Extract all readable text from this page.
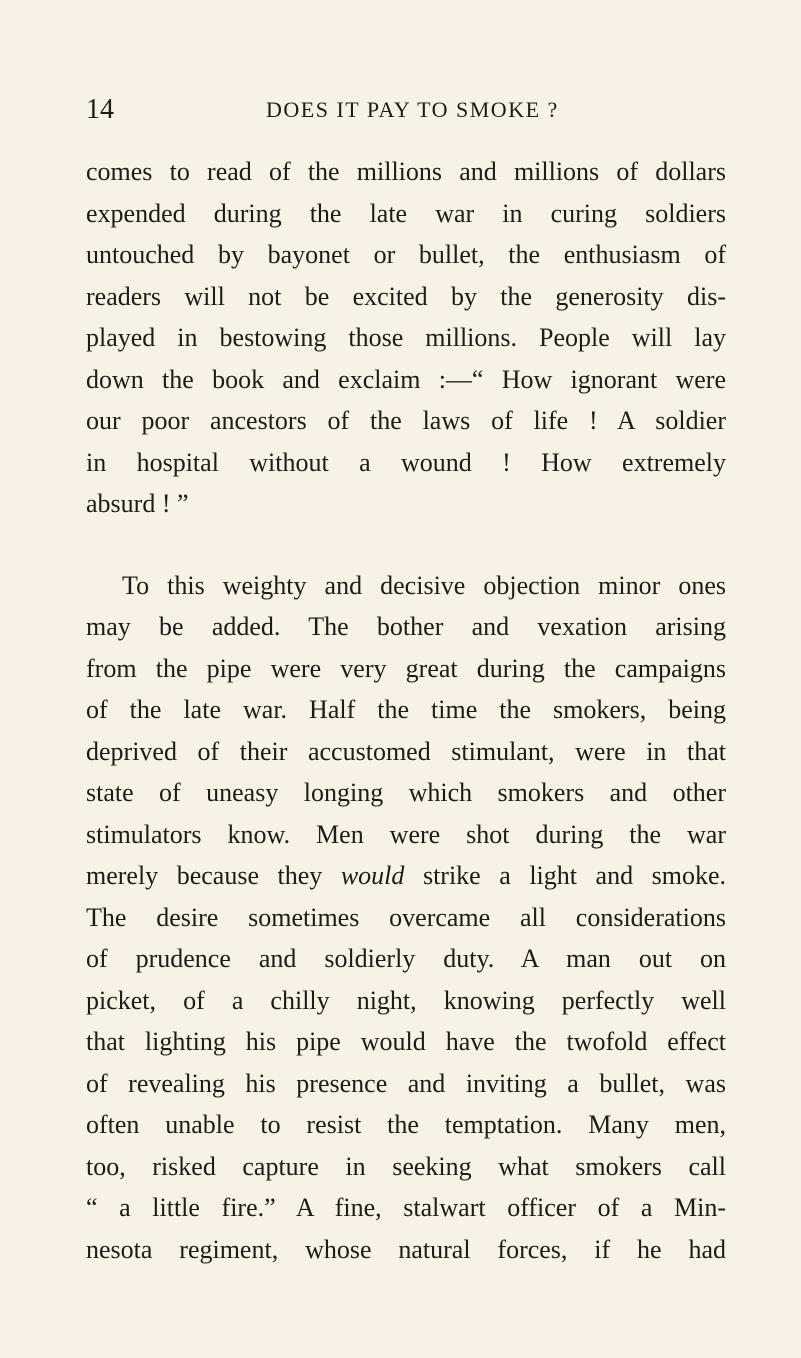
14	DOES IT PAY TO SMOKE ?
comes to read of the millions and millions of dollars
expended during the late war in curing soldiers
untouched by bayonet or bullet, the enthusiasm of
readers will not be excited by the generosity dis-
played in bestowing those millions. People will lay
down the book and exclaim :—“ How ignorant were
our poor ancestors of the laws of life ! A soldier
in hospital without a wound ! How extremely
absurd ! ”
To this weighty and decisive objection minor ones
may be added. The bother and vexation arising
from the pipe were very great during the campaigns
of the late war. Half the time the smokers, being
deprived of their accustomed stimulant, were in that
state of uneasy longing which smokers and other
stimulators know. Men were shot during the war
merely because they would strike a light and smoke.
The desire sometimes overcame all considerations
of prudence and soldierly duty. A man out on
picket, of a chilly night, knowing perfectly well
that lighting his pipe would have the twofold effect
of revealing his presence and inviting a bullet, was
often unable to resist the temptation. Many men,
too, risked capture in seeking what smokers call
“ a little fire.” A fine, stalwart officer of a Min-
nesota regiment, whose natural forces, if he had
